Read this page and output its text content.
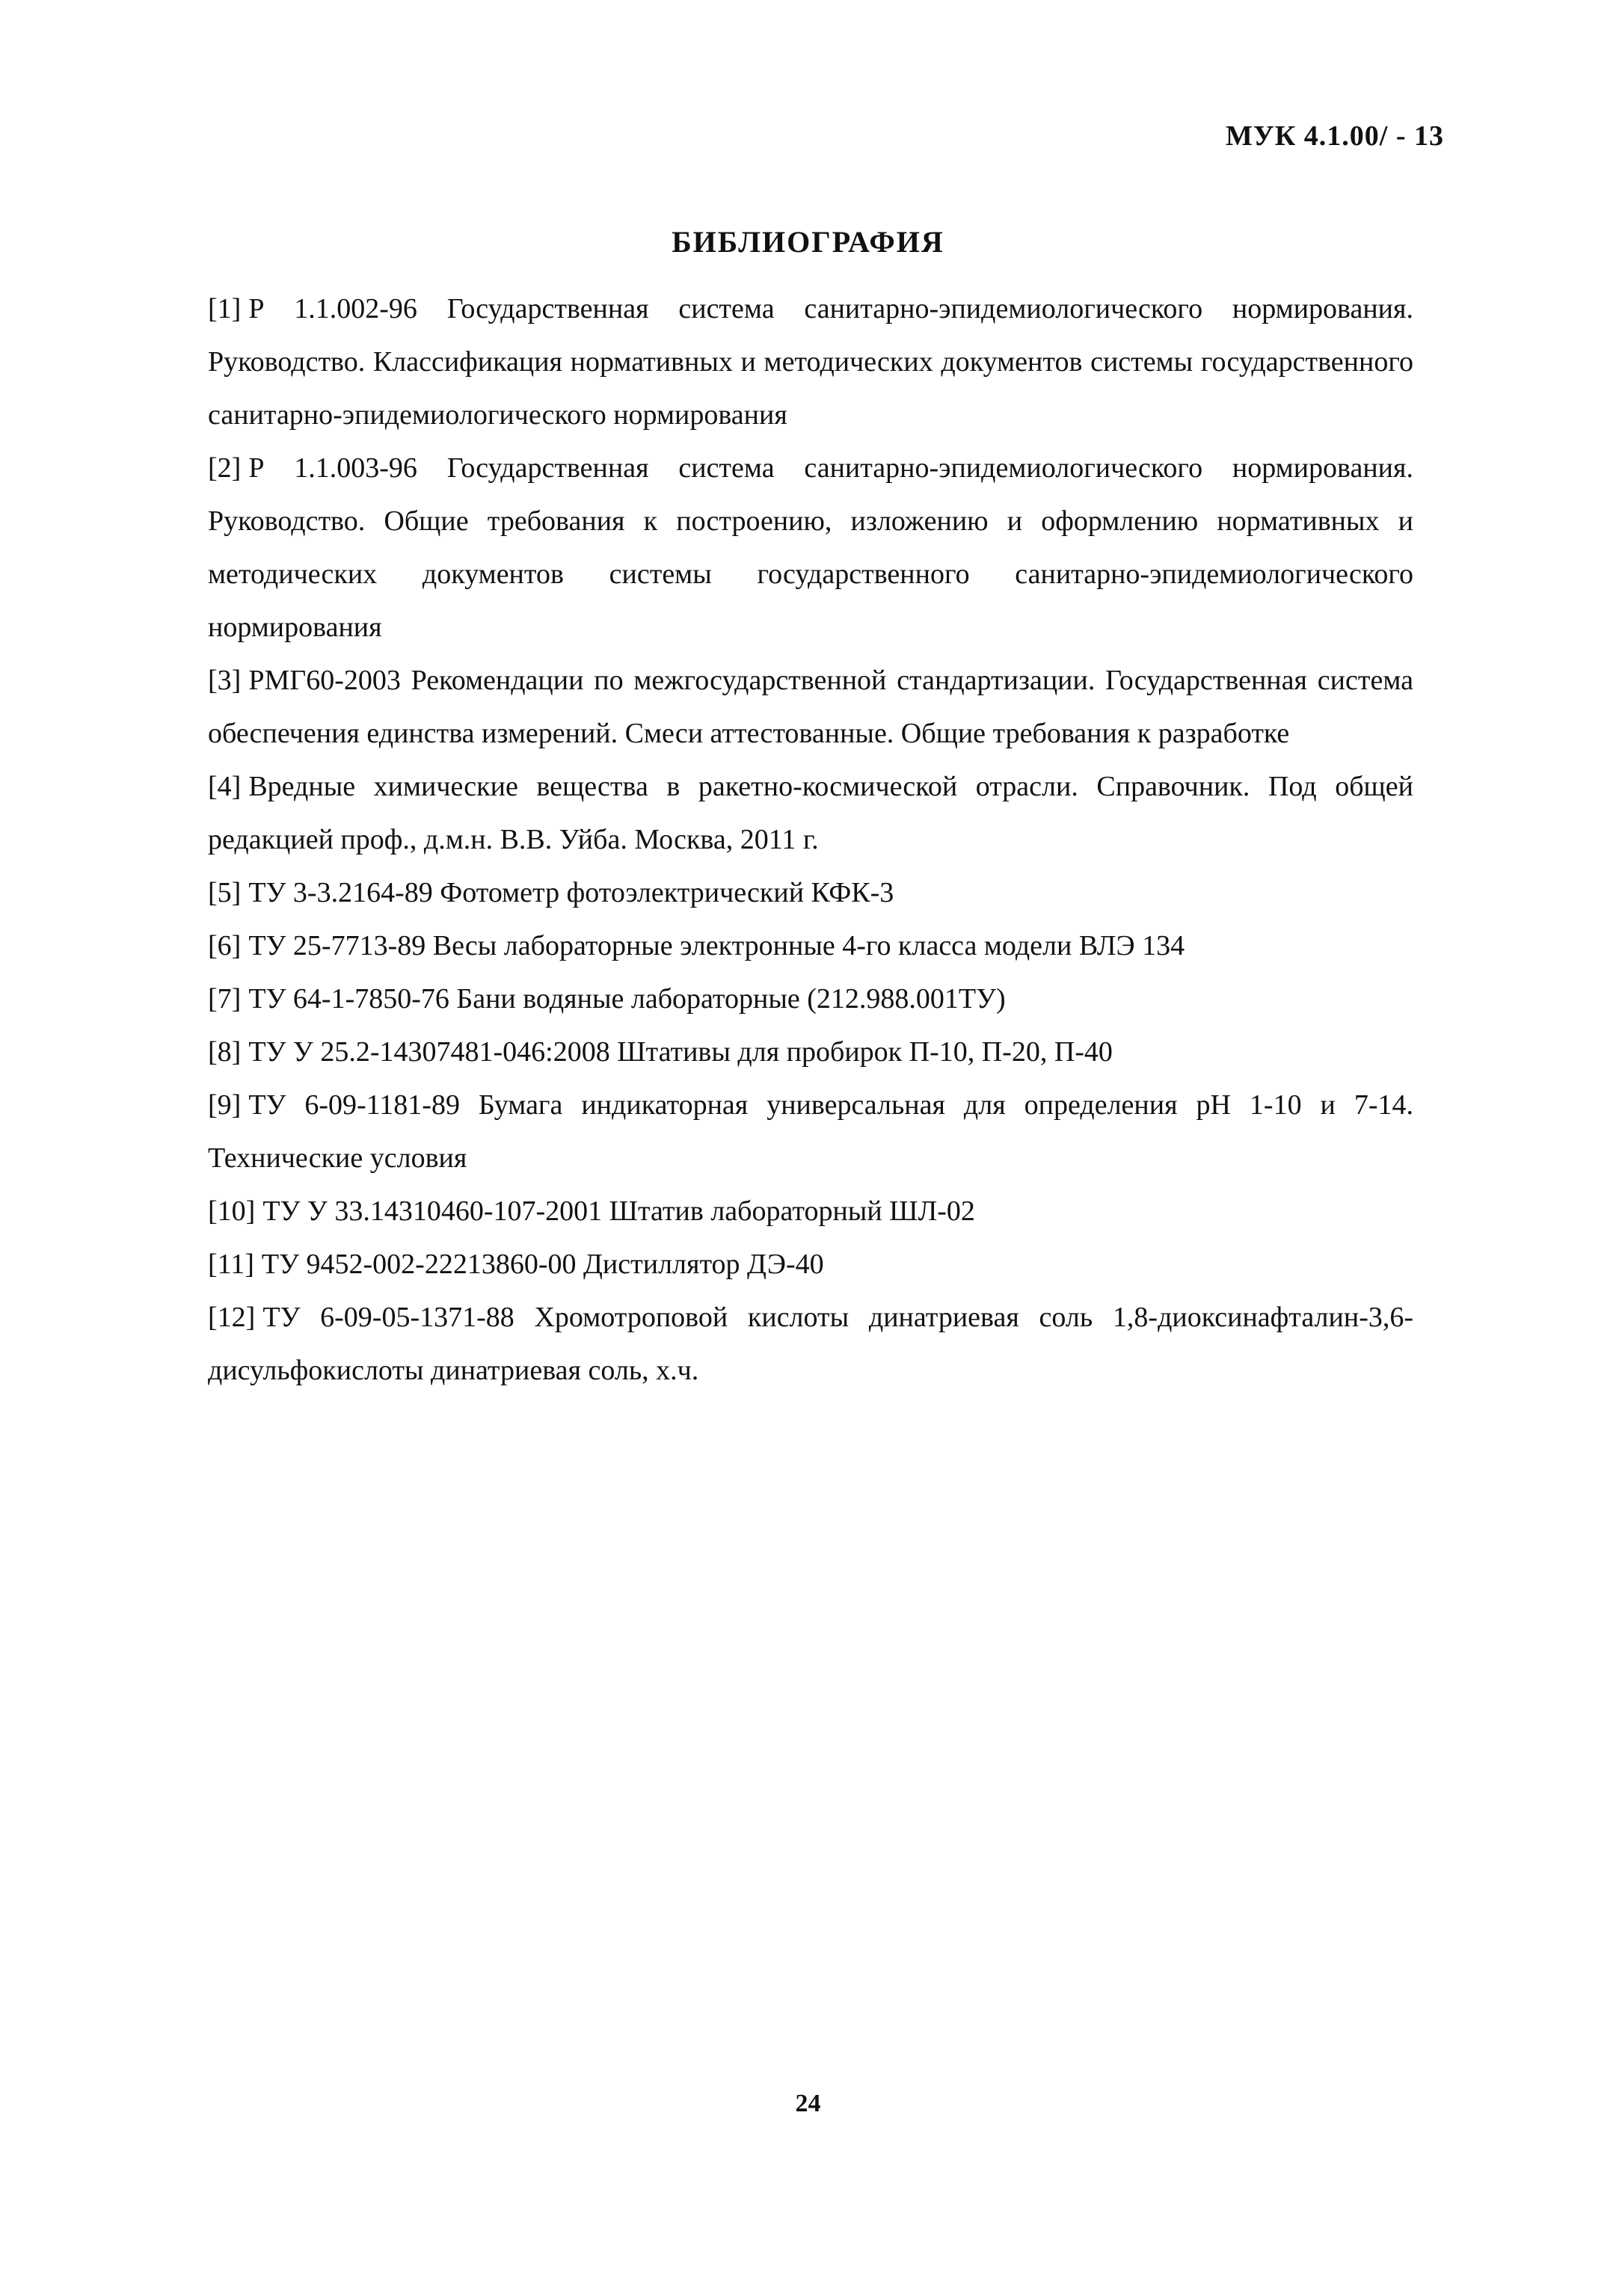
МУК 4.1.00/ - 13
БИБЛИОГРАФИЯ
[1] Р 1.1.002-96 Государственная система санитарно-эпидемиологического нормирования. Руководство. Классификация нормативных и методических документов системы государственного санитарно-эпидемиологического нормирования
[2] Р 1.1.003-96 Государственная система санитарно-эпидемиологического нормирования. Руководство. Общие требования к построению, изложению и оформлению нормативных и методических документов системы государственного санитарно-эпидемиологического нормирования
[3] РМГ60-2003 Рекомендации по межгосударственной стандартизации. Государственная система обеспечения единства измерений. Смеси аттестованные. Общие требования к разработке
[4] Вредные химические вещества в ракетно-космической отрасли. Справочник. Под общей редакцией проф., д.м.н. В.В. Уйба. Москва, 2011 г.
[5] ТУ 3-3.2164-89 Фотометр фотоэлектрический КФК-3
[6] ТУ 25-7713-89 Весы лабораторные электронные 4-го класса модели ВЛЭ 134
[7] ТУ 64-1-7850-76 Бани водяные лабораторные (212.988.001ТУ)
[8] ТУ У 25.2-14307481-046:2008 Штативы для пробирок П-10, П-20, П-40
[9] ТУ 6-09-1181-89 Бумага индикаторная универсальная для определения pH 1-10 и 7-14. Технические условия
[10] ТУ У 33.14310460-107-2001 Штатив лабораторный ШЛ-02
[11] ТУ 9452-002-22213860-00 Дистиллятор ДЭ-40
[12] ТУ 6-09-05-1371-88 Хромотроповой кислоты динатриевая соль 1,8-диоксинафталин-3,6-дисульфокислоты динатриевая соль, х.ч.
24
